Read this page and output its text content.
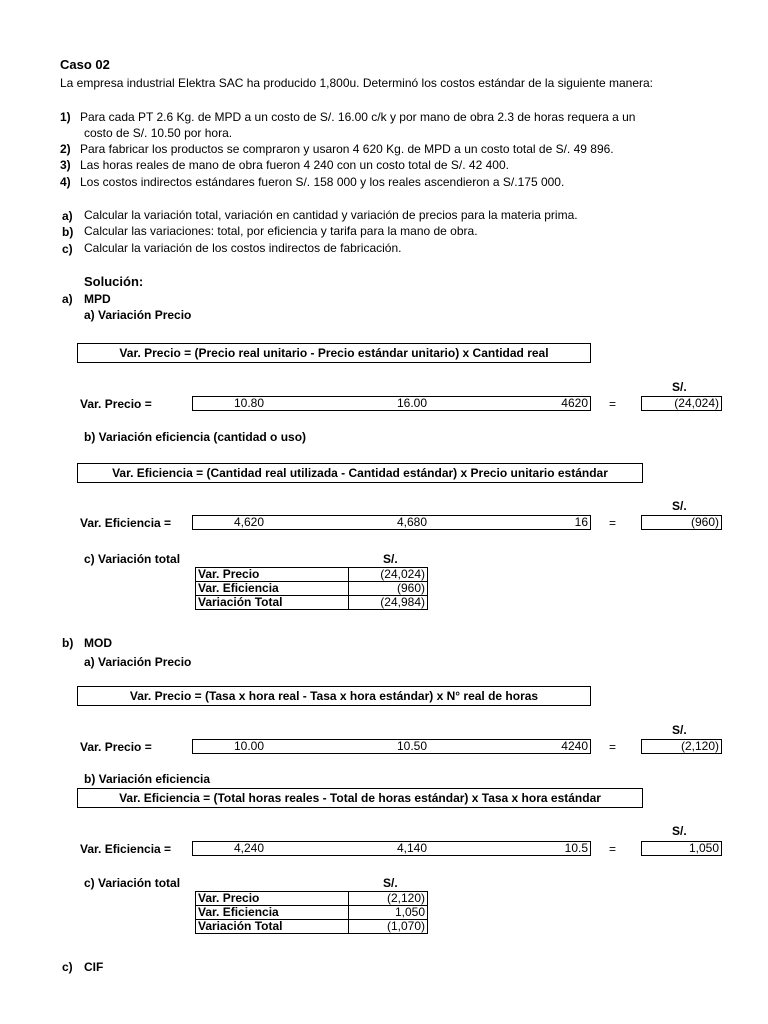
Caso 02
La empresa industrial Elektra SAC ha producido 1,800u. Determinó los costos estándar de la siguiente manera:
1) Para cada PT 2.6 Kg. de MPD a un costo de S/. 16.00 c/k y por mano de obra 2.3 de horas requera a un
costo de S/. 10.50 por hora.
2) Para fabricar los productos se compraron y usaron 4 620 Kg. de MPD a un costo total de S/. 49 896.
3) Las horas reales de mano de obra fueron 4 240 con un costo total de S/. 42 400.
4) Los costos indirectos estándares fueron S/. 158 000 y los reales ascendieron a S/.175 000.
a) Calcular la variación total, variación en cantidad y variación de precios para la materia prima.
b) Calcular las variaciones: total, por eficiencia y tarifa para la mano de obra.
c) Calcular la variación de los costos indirectos de fabricación.
Solución:
a) MPD
a) Variación Precio
Var. Precio = (Precio real unitario - Precio estándar unitario) x Cantidad real
S/.
Var. Precio =	10.80	16.00	4620 =	(24,024)
b) Variación eficiencia (cantidad o uso)
Var. Eficiencia = (Cantidad real utilizada - Cantidad estándar) x Precio unitario estándar
S/.
Var. Eficiencia =	4,620	4,680	16 =	(960)
c) Variación total	S/.
Var. Precio	(24,024)
Var. Eficiencia	(960)
Variación Total	(24,984)
b) MOD
a) Variación Precio
Var. Precio = (Tasa x hora real - Tasa x hora estándar) x N° real de horas
S/.
Var. Precio =	10.00	10.50	4240 =	(2,120)
b) Variación eficiencia
Var. Eficiencia = (Total horas reales - Total de horas estándar) x Tasa x hora estándar
S/.
Var. Eficiencia =	4,240	4,140	10.5 =	1,050
c) Variación total	S/.
Var. Precio	(2,120)
Var. Eficiencia	1,050
Variación Total	(1,070)
c) CIF
